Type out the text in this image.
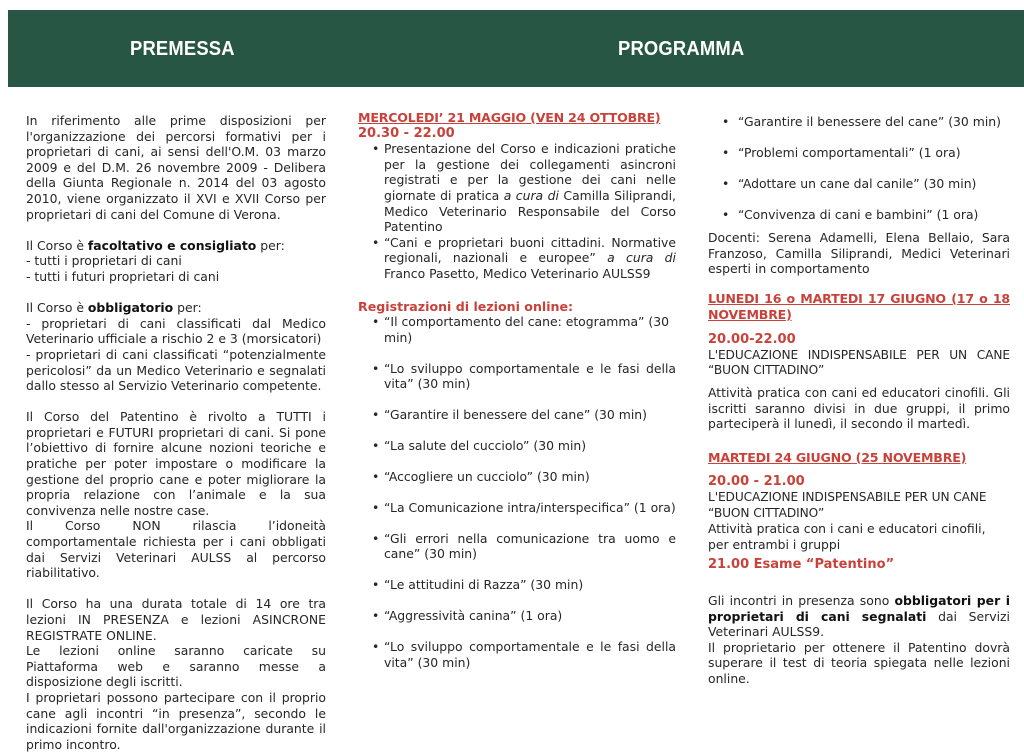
PREMESSA	PROGRAMMA

In riferimento alle prime disposizioni per l'organizzazione dei percorsi formativi per i proprietari di cani, ai sensi dell'O.M. 03 marzo 2009 e del D.M. 26 novembre 2009 - Delibera della Giunta Regionale n. 2014 del 03 agosto 2010, viene organizzato il XVI e XVII Corso per proprietari di cani del Comune di Verona.

Il Corso è facoltativo e consigliato per:

- tutti i proprietari di cani

- tutti i futuri proprietari di cani

Il Corso è obbligatorio per:

- proprietari di cani classificati dal Medico Veterinario ufficiale a rischio 2 e 3 (morsicatori)

- proprietari di cani classificati “potenzialmente pericolosi” da un Medico Veterinario e segnalati dallo stesso al Servizio Veterinario competente.

Il Corso del Patentino è rivolto a TUTTI i proprietari e FUTURI proprietari di cani. Si pone l’obiettivo di fornire alcune nozioni teoriche e pratiche per poter impostare o modificare la gestione del proprio cane e poter migliorare la propria relazione con l’animale e la sua convivenza nelle nostre case.

Il Corso NON rilascia l’idoneità comportamentale richiesta per i cani obbligati dai Servizi Veterinari AULSS al percorso riabilitativo.

Il Corso ha una durata totale di 14 ore tra lezioni IN PRESENZA e lezioni ASINCRONE REGISTRATE ONLINE.

Le lezioni online saranno caricate su Piattaforma web e saranno messe a disposizione degli iscritti.

I proprietari possono partecipare con il proprio cane agli incontri “in presenza”, secondo le indicazioni fornite dall'organizzazione durante il primo incontro.

MERCOLEDI’ 21 MAGGIO (VEN 24 OTTOBRE)

20.30 - 22.00

• Presentazione del Corso e indicazioni pratiche per la gestione dei collegamenti asincroni registrati e per la gestione dei cani nelle giornate di pratica a cura di Camilla Siliprandi, Medico Veterinario Responsabile del Corso Patentino
• “Cani e proprietari buoni cittadini. Normative regionali, nazionali e europee” a cura di Franco Pasetto, Medico Veterinario AULSS9

Registrazioni di lezioni online:

• “Il comportamento del cane: etogramma” (30 min)
• “Lo sviluppo comportamentale e le fasi della vita” (30 min)
• “Garantire il benessere del cane” (30 min)
• “La salute del cucciolo” (30 min)
• “Accogliere un cucciolo” (30 min)
• “La Comunicazione intra/interspecifica” (1 ora)
• “Gli errori nella comunicazione tra uomo e cane” (30 min)
• “Le attitudini di Razza” (30 min)
• “Aggressività canina” (1 ora)
• “Lo sviluppo comportamentale e le fasi della vita” (30 min)
• “Garantire il benessere del cane” (30 min)
• “Problemi comportamentali” (1 ora)
• “Adottare un cane dal canile” (30 min)
• “Convivenza di cani e bambini” (1 ora)

Docenti: Serena Adamelli, Elena Bellaio, Sara Franzoso, Camilla Siliprandi, Medici Veterinari esperti in comportamento

LUNEDI 16 o MARTEDI 17 GIUGNO (17 o 18 NOVEMBRE)

20.00-22.00

L'EDUCAZIONE INDISPENSABILE PER UN CANE “BUON CITTADINO”

Attività pratica con cani ed educatori cinofili. Gli iscritti saranno divisi in due gruppi, il primo parteciperà il lunedì, il secondo il martedì.

MARTEDI 24 GIUGNO (25 NOVEMBRE)

20.00 - 21.00

L'EDUCAZIONE INDISPENSABILE PER UN CANE “BUON CITTADINO”

Attività pratica con i cani e educatori cinofili, per entrambi i gruppi

21.00 Esame “Patentino”

Gli incontri in presenza sono obbligatori per i proprietari di cani segnalati dai Servizi Veterinari AULSS9.

Il proprietario per ottenere il Patentino dovrà superare il test di teoria spiegata nelle lezioni online.
